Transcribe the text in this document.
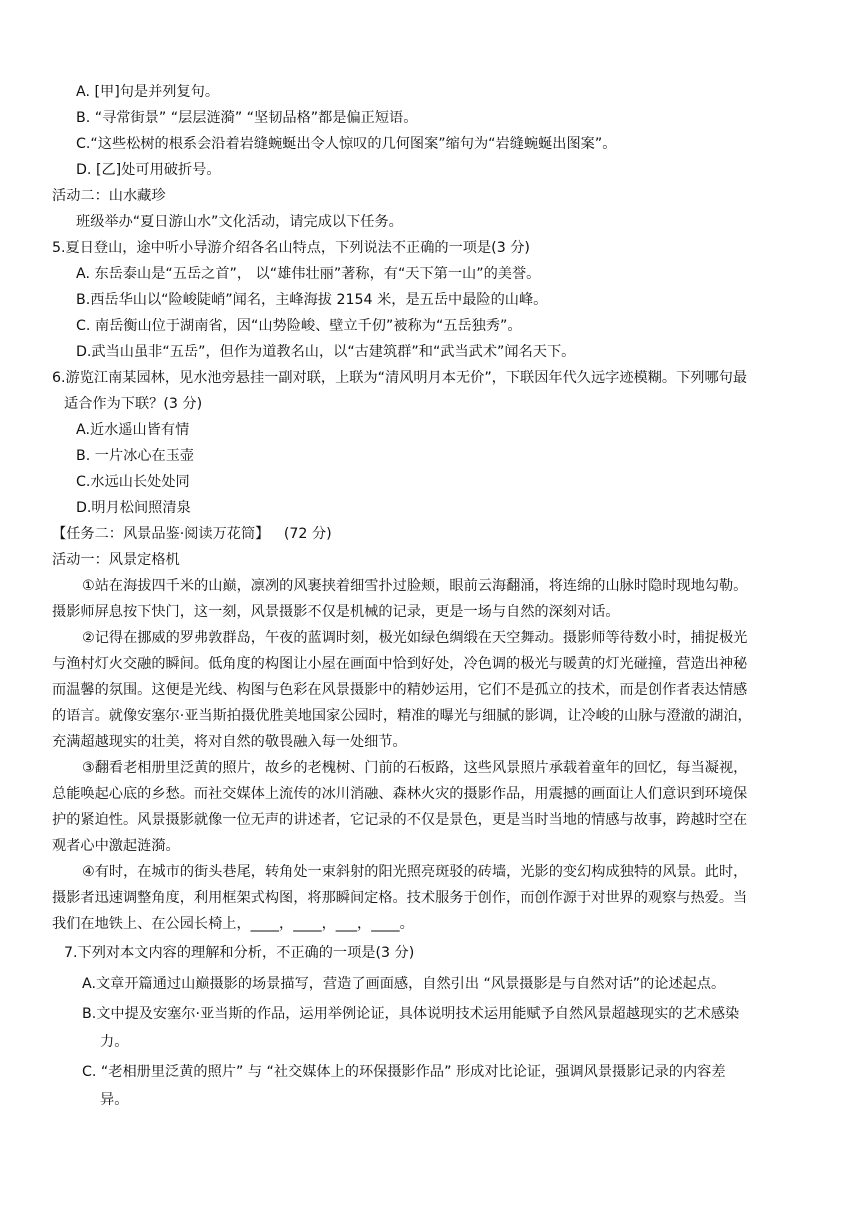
A. [甲]句是并列复句。
B. “寻常街景” “层层涟漪” “坚韧品格”都是偏正短语。
C.“这些松树的根系会沿着岩缝蜿蜒出令人惊叹的几何图案”缩句为“岩缝蜿蜒出图案”。
D. [乙]处可用破折号。
活动二：山水藏珍
班级举办“夏日游山水”文化活动，请完成以下任务。
5.夏日登山，途中听小导游介绍各名山特点，下列说法不正确的一项是(3 分)
A. 东岳泰山是“五岳之首”， 以“雄伟壮丽”著称，有“天下第一山”的美誉。
B.西岳华山以“险峻陡峭”闻名，主峰海拔 2154 米，是五岳中最险的山峰。
C. 南岳衡山位于湖南省，因“山势险峻、壁立千仞”被称为“五岳独秀”。
D.武当山虽非“五岳”，但作为道教名山，以“古建筑群”和“武当武术”闻名天下。
6.游览江南某园林，见水池旁悬挂一副对联，上联为“清风明月本无价”，下联因年代久远字迹模糊。下列哪句最
适合作为下联？(3 分)
A.近水遥山皆有情
B. 一片冰心在玉壶
C.水远山长处处同
D.明月松间照清泉
【任务二：风景品鉴·阅读万花筒】 (72 分)
活动一：风景定格机
①站在海拔四千米的山巅，凛冽的风裹挟着细雪扑过脸颊，眼前云海翻涌，将连绵的山脉时隐时现地勾勒。
摄影师屏息按下快门，这一刻，风景摄影不仅是机械的记录，更是一场与自然的深刻对话。
②记得在挪威的罗弗敦群岛，午夜的蓝调时刻，极光如绿色绸缎在天空舞动。摄影师等待数小时，捕捉极光
与渔村灯火交融的瞬间。低角度的构图让小屋在画面中恰到好处，冷色调的极光与暖黄的灯光碰撞，营造出神秘
而温馨的氛围。这便是光线、构图与色彩在风景摄影中的精妙运用，它们不是孤立的技术，而是创作者表达情感
的语言。就像安塞尔·亚当斯拍摄优胜美地国家公园时，精准的曝光与细腻的影调，让冷峻的山脉与澄澈的湖泊，
充满超越现实的壮美，将对自然的敬畏融入每一处细节。
③翻看老相册里泛黄的照片，故乡的老槐树、门前的石板路，这些风景照片承载着童年的回忆，每当凝视，
总能唤起心底的乡愁。而社交媒体上流传的冰川消融、森林火灾的摄影作品，用震撼的画面让人们意识到环境保
护的紧迫性。风景摄影就像一位无声的讲述者，它记录的不仅是景色，更是当时当地的情感与故事，跨越时空在
观者心中激起涟漪。
④有时，在城市的街头巷尾，转角处一束斜射的阳光照亮斑驳的砖墙，光影的变幻构成独特的风景。此时，
摄影者迅速调整角度，利用框架式构图，将那瞬间定格。技术服务于创作，而创作源于对世界的观察与热爱。当
我们在地铁上、在公园长椅上，____，____，___，____。
7.下列对本文内容的理解和分析，不正确的一项是(3 分)
A.文章开篇通过山巅摄影的场景描写，营造了画面感，自然引出 “风景摄影是与自然对话”的论述起点。
B.文中提及安塞尔·亚当斯的作品，运用举例论证，具体说明技术运用能赋予自然风景超越现实的艺术感染
力。
C. “老相册里泛黄的照片” 与 “社交媒体上的环保摄影作品” 形成对比论证，强调风景摄影记录的内容差
异。
